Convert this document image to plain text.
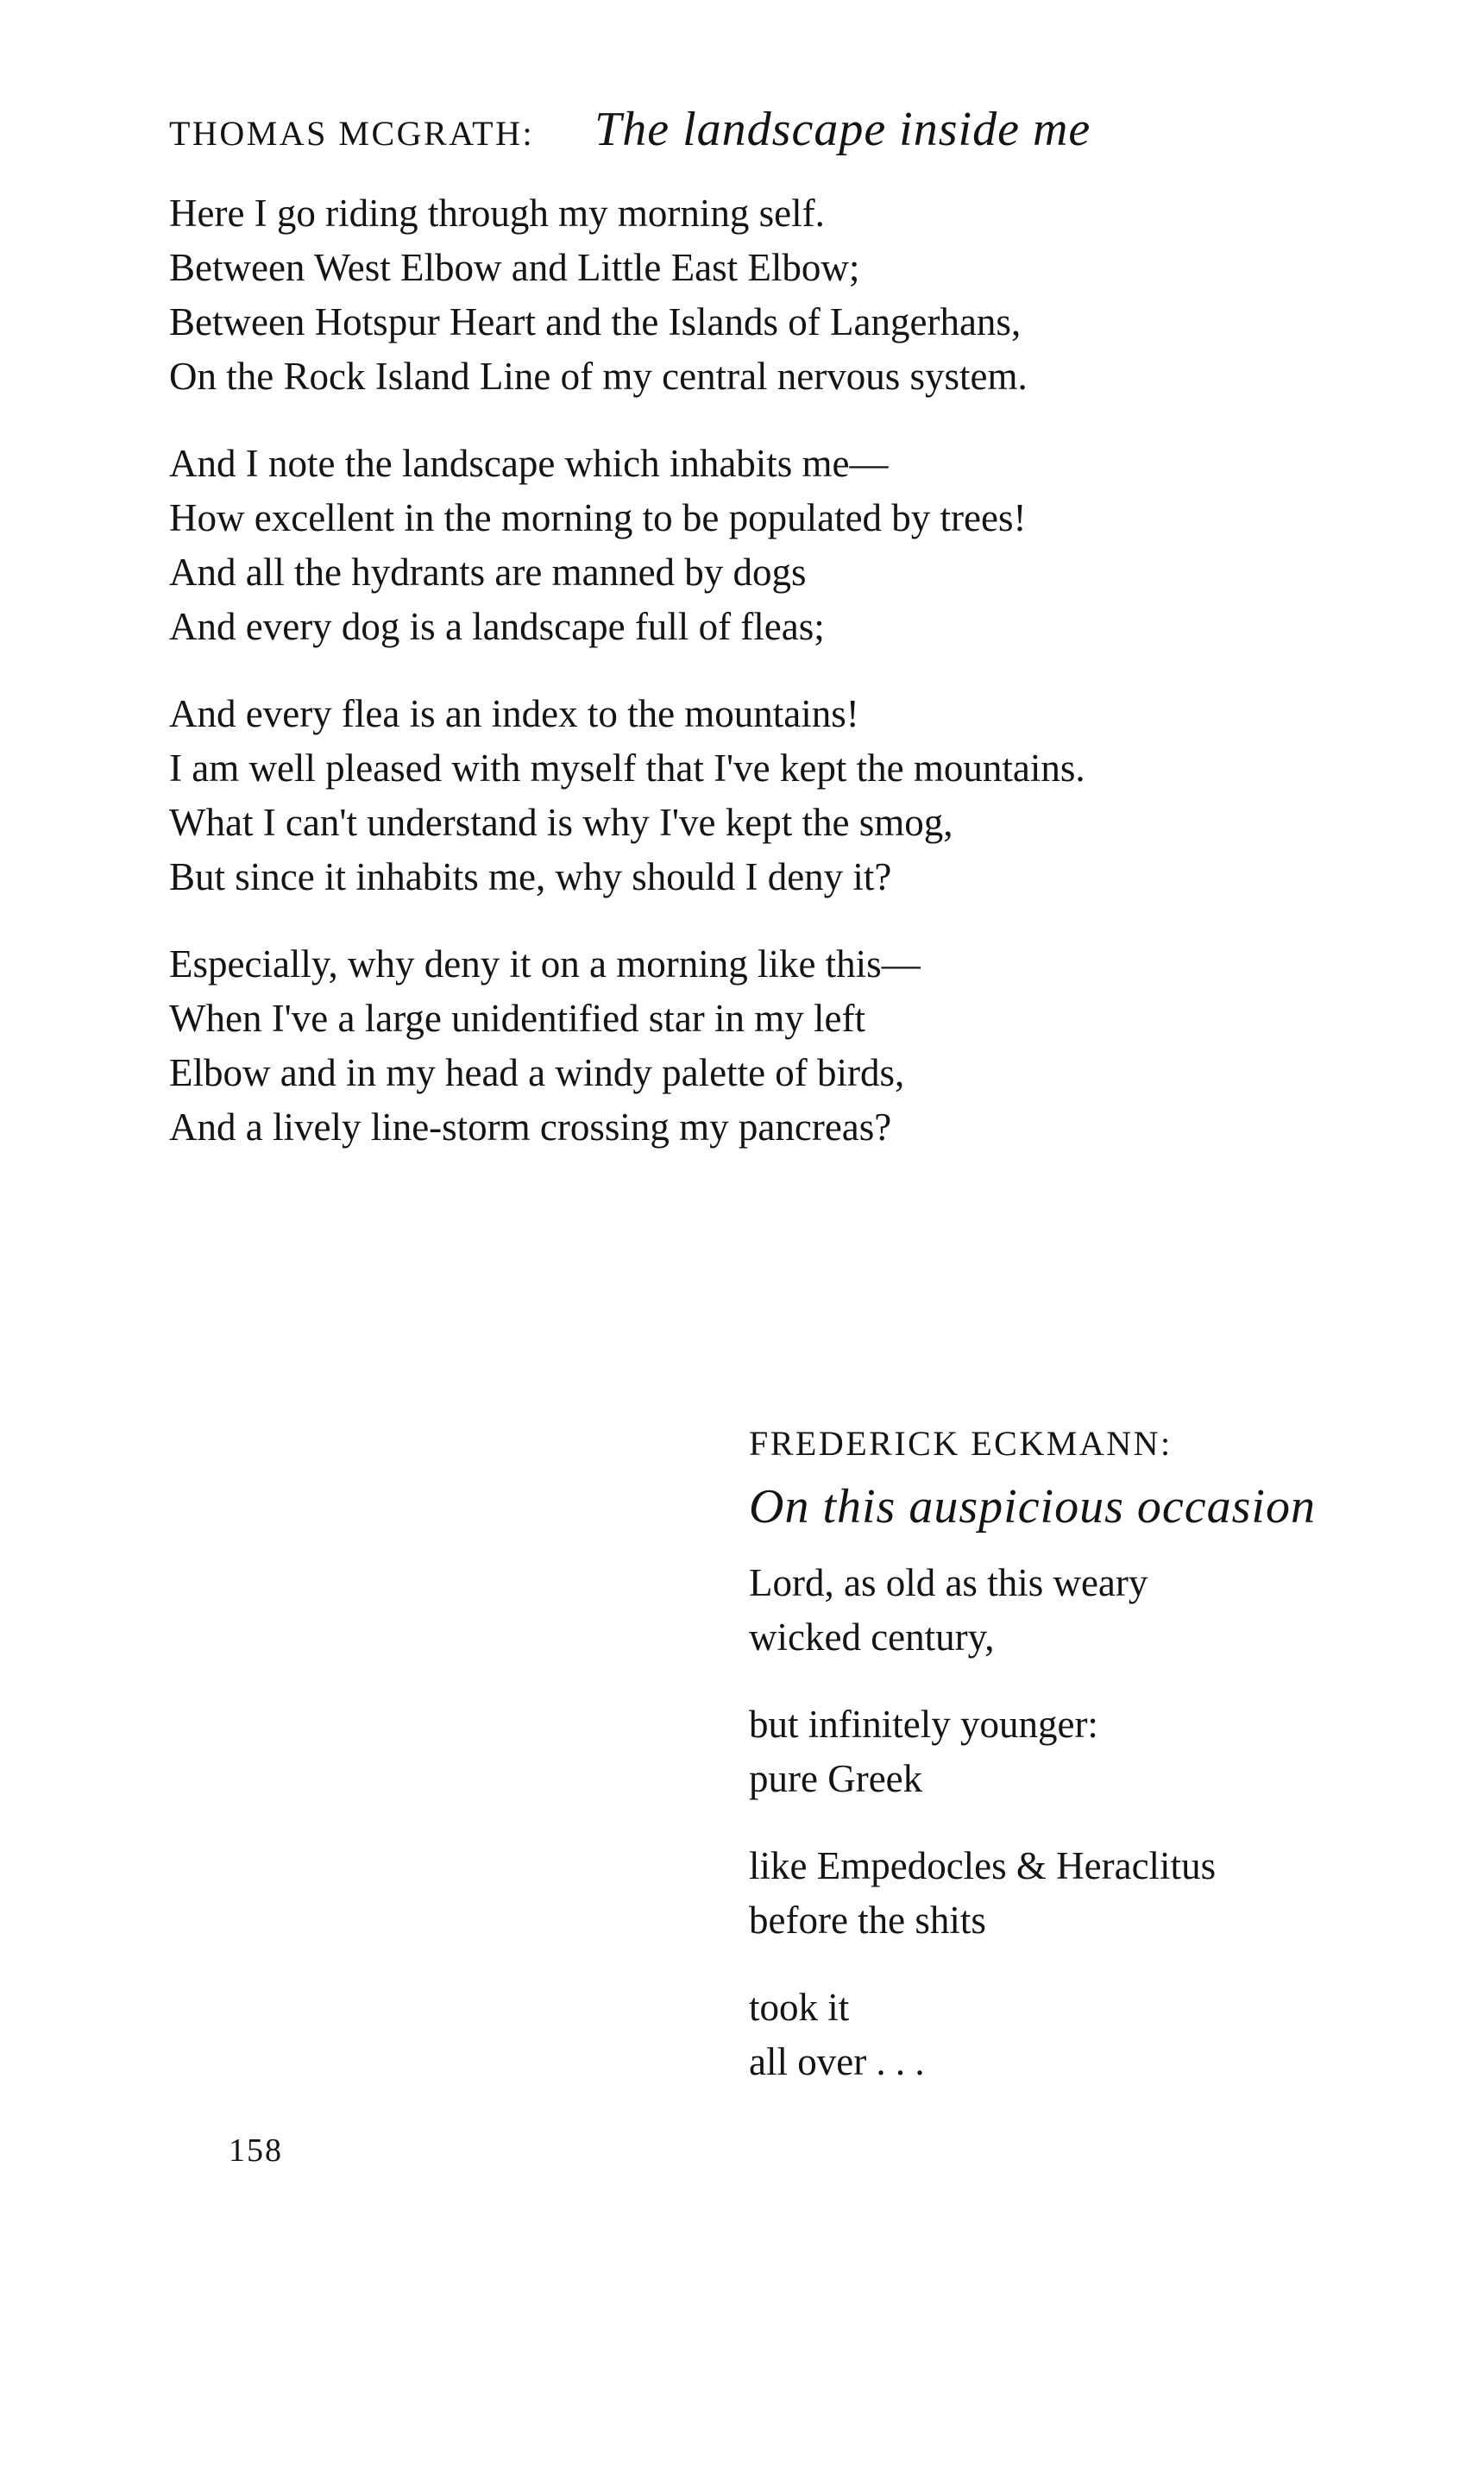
THOMAS MCGRATH: The landscape inside me
Here I go riding through my morning self.
Between West Elbow and Little East Elbow;
Between Hotspur Heart and the Islands of Langerhans,
On the Rock Island Line of my central nervous system.
And I note the landscape which inhabits me—
How excellent in the morning to be populated by trees!
And all the hydrants are manned by dogs
And every dog is a landscape full of fleas;
And every flea is an index to the mountains!
I am well pleased with myself that I've kept the mountains.
What I can't understand is why I've kept the smog,
But since it inhabits me, why should I deny it?
Especially, why deny it on a morning like this—
When I've a large unidentified star in my left
Elbow and in my head a windy palette of birds,
And a lively line-storm crossing my pancreas?
FREDERICK ECKMANN:
On this auspicious occasion
Lord, as old as this weary
wicked century,
but infinitely younger:
pure Greek
like Empedocles & Heraclitus
before the shits
took it
all over . . .
158
